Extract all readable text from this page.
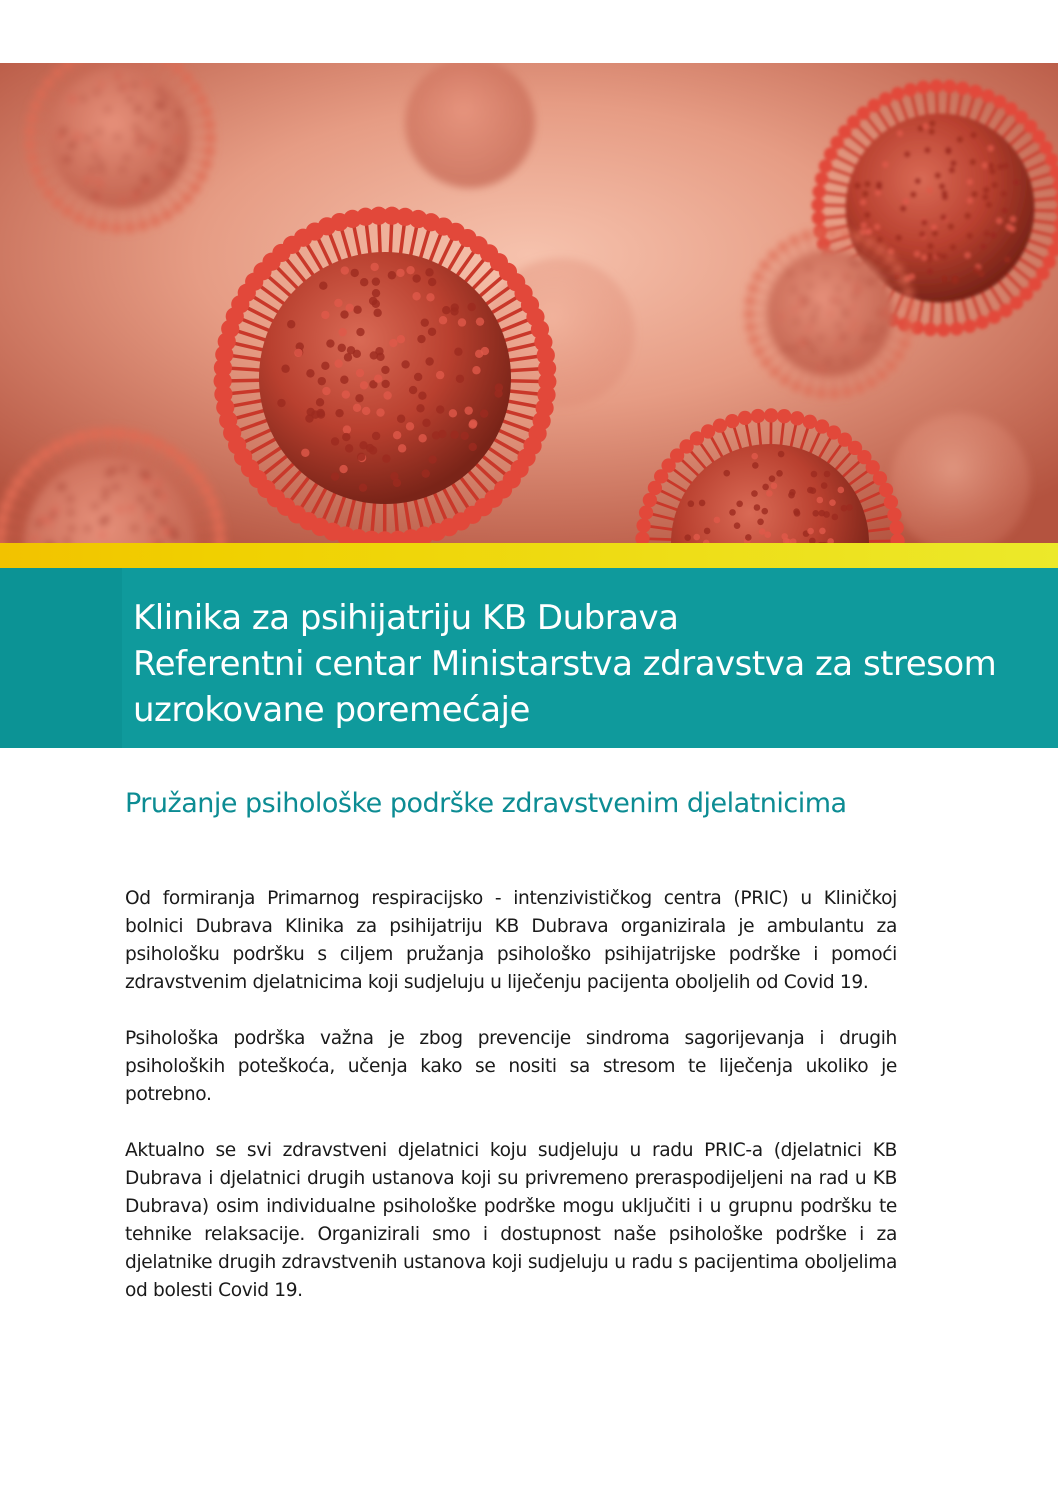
Klinika za psihijatriju KB Dubrava
Referentni centar Ministarstva zdravstva za stresom
uzrokovane poremećaje
Pružanje psihološke podrške zdravstvenim djelatnicima

Od formiranja Primarnog respiracijsko - intenzivističkog centra (PRIC) u Kliničkoj bolnici Dubrava Klinika za psihijatriju KB Dubrava organizirala je ambulantu za psihološku podršku s ciljem pružanja psihološko psihijatrijske podrške i pomoći zdravstvenim djelatnicima koji sudjeluju u liječenju pacijenta oboljelih od Covid 19.

Psihološka podrška važna je zbog prevencije sindroma sagorijevanja i drugih psiholoških poteškoća, učenja kako se nositi sa stresom te liječenja ukoliko je potrebno.

Aktualno se svi zdravstveni djelatnici koju sudjeluju u radu PRIC-a (djelatnici KB Dubrava i djelatnici drugih ustanova koji su privremeno preraspodijeljeni na rad u KB Dubrava) osim individualne psihološke podrške mogu uključiti i u grupnu podršku te tehnike relaksacije. Organizirali smo i dostupnost naše psihološke podrške i za djelatnike drugih zdravstvenih ustanova koji sudjeluju u radu s pacijentima oboljelima od bolesti Covid 19.
